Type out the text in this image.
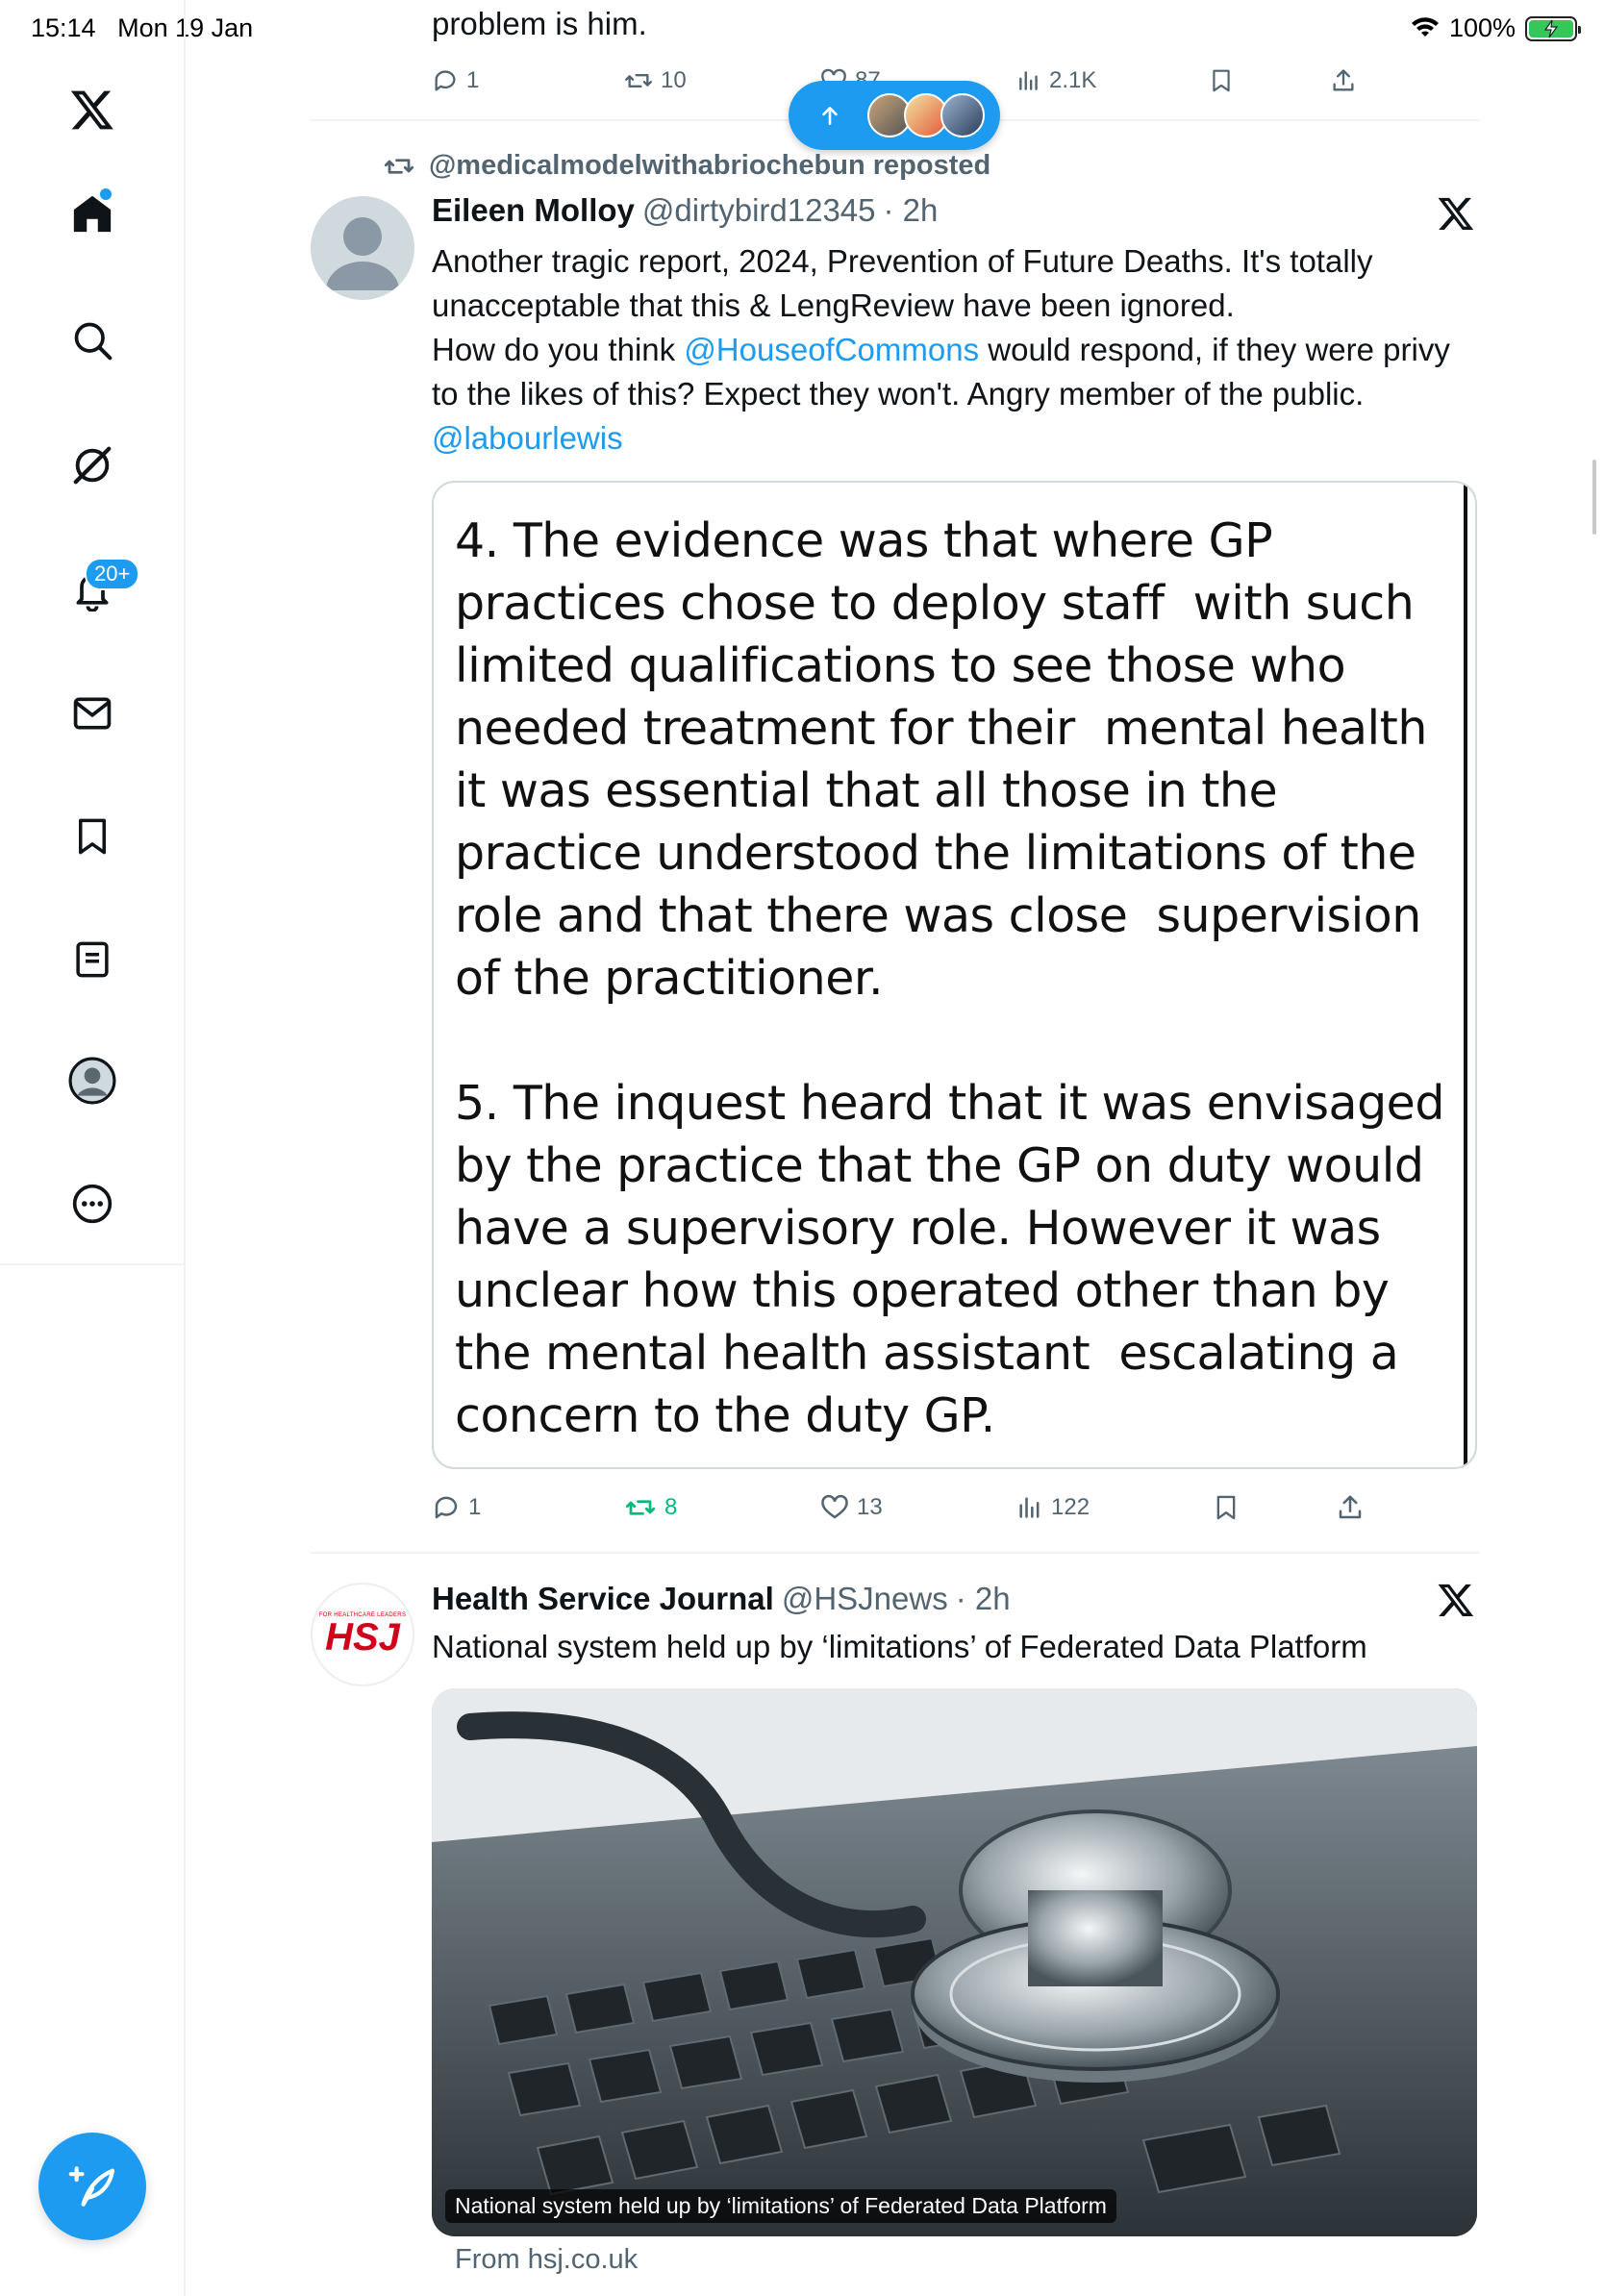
15:14 Mon 19 Jan	100%
20+
problem is him.
1	10	2.1K
@medicalmodelwithabriochebun reposted
Eileen Molloy @dirtybird12345 · 2h
Another tragic report, 2024, Prevention of Future Deaths. It's totally unacceptable that this & LengReview have been ignored.
How do you think @HouseofCommons would respond, if they were privy to the likes of this? Expect they won't. Angry member of the public. @labourlewis
4. The evidence was that where GP practices chose to deploy staff  with such limited qualifications to see those who needed treatment for their  mental health it was essential that all those in the practice understood the limitations of the role and that there was close  supervision of the practitioner.

5. The inquest heard that it was envisaged by the practice that the GP on duty would have a supervisory role. However it was unclear how this operated other than by the mental health assistant  escalating a concern to the duty GP.
1	8	13	122
FOR HEALTHCARE LEADERS
HSJ
Health Service Journal @HSJnews · 2h
National system held up by ‘limitations’ of Federated Data Platform
National system held up by ‘limitations’ of Federated Data Platform
From hsj.co.uk
